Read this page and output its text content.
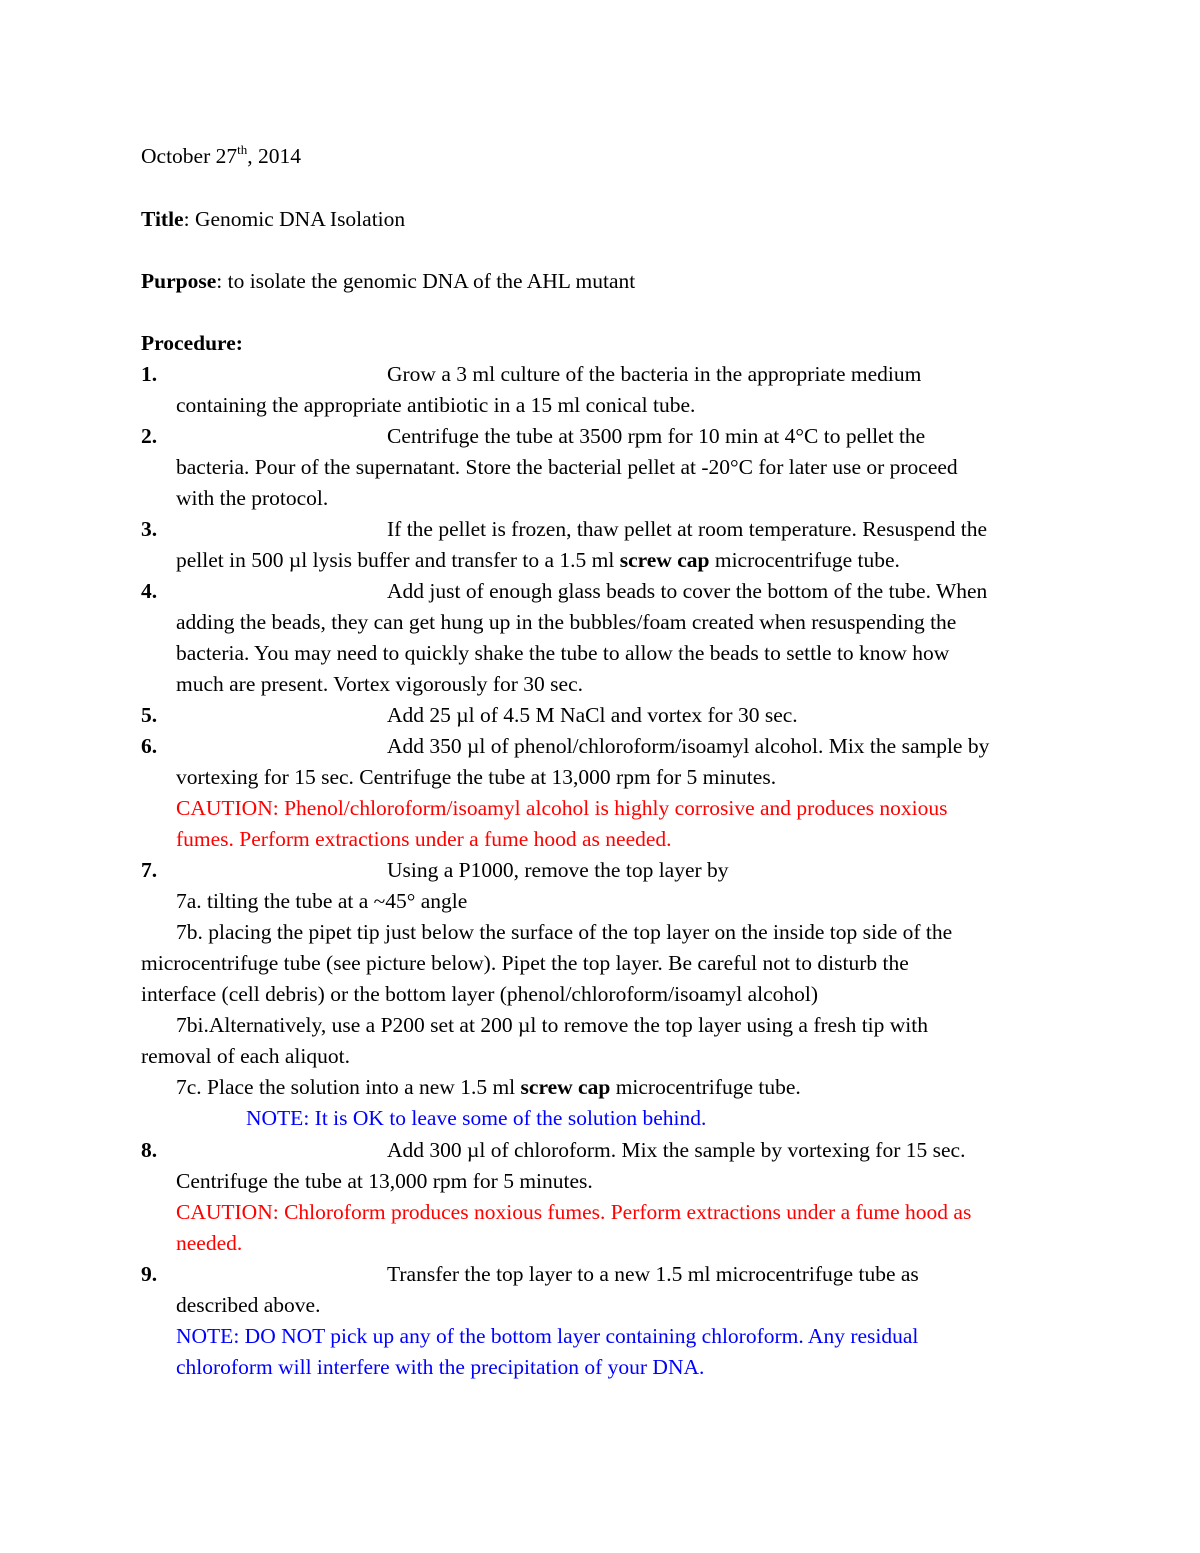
October 27th, 2014

Title: Genomic DNA Isolation

Purpose: to isolate the genomic DNA of the AHL mutant

Procedure:

1.	Grow a 3 ml culture of the bacteria in the appropriate medium

containing the appropriate antibiotic in a 15 ml conical tube.

2.	Centrifuge the tube at 3500 rpm for 10 min at 4°C to pellet the

bacteria. Pour of the supernatant. Store the bacterial pellet at -20°C for later use or proceed

with the protocol.

3.	If the pellet is frozen, thaw pellet at room temperature. Resuspend the

pellet in 500 µl lysis buffer and transfer to a 1.5 ml screw cap microcentrifuge tube.

4.	Add just of enough glass beads to cover the bottom of the tube. When

adding the beads, they can get hung up in the bubbles/foam created when resuspending the

bacteria. You may need to quickly shake the tube to allow the beads to settle to know how

much are present. Vortex vigorously for 30 sec.

5.	Add 25 µl of 4.5 M NaCl and vortex for 30 sec.

6.	Add 350 µl of phenol/chloroform/isoamyl alcohol. Mix the sample by

vortexing for 15 sec. Centrifuge the tube at 13,000 rpm for 5 minutes.

CAUTION: Phenol/chloroform/isoamyl alcohol is highly corrosive and produces noxious

fumes. Perform extractions under a fume hood as needed.

7.	Using a P1000, remove the top layer by

7a. tilting the tube at a ~45° angle

7b. placing the pipet tip just below the surface of the top layer on the inside top side of the

microcentrifuge tube (see picture below). Pipet the top layer. Be careful not to disturb the

interface (cell debris) or the bottom layer (phenol/chloroform/isoamyl alcohol)

7bi.Alternatively, use a P200 set at 200 µl to remove the top layer using a fresh tip with

removal of each aliquot.

7c. Place the solution into a new 1.5 ml screw cap microcentrifuge tube.

NOTE: It is OK to leave some of the solution behind.

8.	Add 300 µl of chloroform. Mix the sample by vortexing for 15 sec.

Centrifuge the tube at 13,000 rpm for 5 minutes.

CAUTION: Chloroform produces noxious fumes. Perform extractions under a fume hood as

needed.

9.	Transfer the top layer to a new 1.5 ml microcentrifuge tube as

described above.

NOTE: DO NOT pick up any of the bottom layer containing chloroform. Any residual

chloroform will interfere with the precipitation of your DNA.
